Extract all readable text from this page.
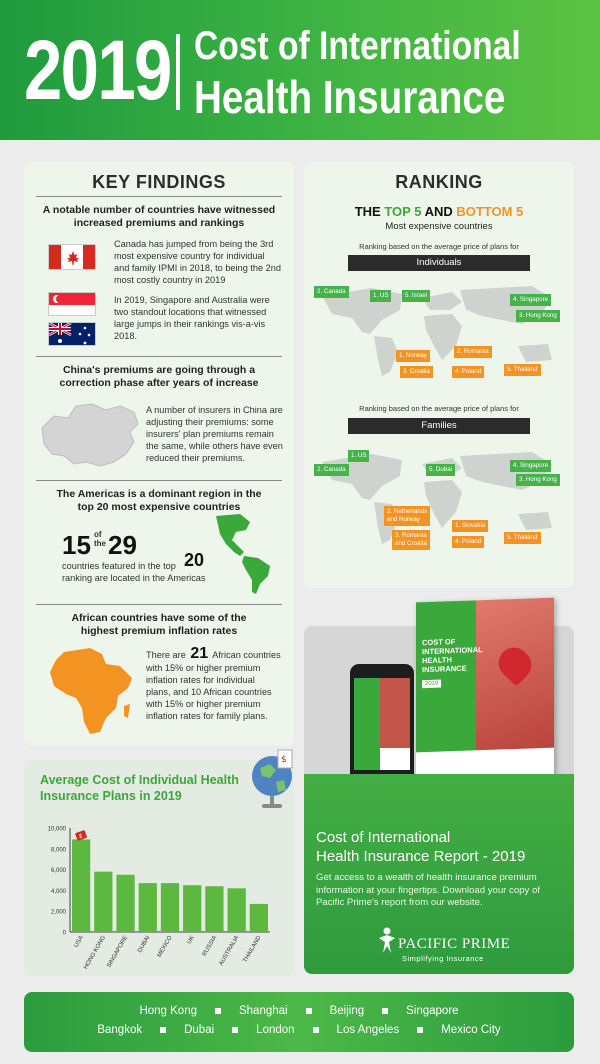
2019 Cost of International
Health Insurance
KEY FINDINGS
A notable number of countries have witnessed
increased premiums and rankings
Canada has jumped from being the 3rd
most expensive country for individual
and family IPMI in 2018, to being the 2nd
most costly country in 2019
In 2019, Singapore and Australia were
two standout locations that witnessed
large jumps in their rankings vis-a-vis
2018.
China's premiums are going through a
correction phase after years of increase
A number of insurers in China are
adjusting their premiums: some
insurers' plan premiums remain
the same, while others have even
reduced their premiums.
The Americas is a dominant region in the
top 20 most expensive countries
15 of
the 29
countries featured in the top 20
ranking are located in the Americas
African countries have some of the
highest premium inflation rates
There are 21 African countries
with 15% or higher premium
inflation rates for individual
plans, and 10 African countries
with 15% or higher premium
inflation rates for family plans.
RANKING
THE TOP 5 AND BOTTOM 5
Most expensive countries
Ranking based on the average price of plans for
Individuals
2. Canada
1. US	5. Israel
4. Singapore
3. Hong Kong
1. Norway
2. Romania
3. Croatia	4. Poland	5. Thailand
Ranking based on the average price of plans for
Families
1. US
2. Canada	5. Dubai
4. Singapore
3. Hong Kong
2. Netherlands
and Norway
1. Slovakia
3. Romania
and Croatia	4. Poland
5. Thailand
Average Cost of Individual Health Insurance Plans in 2019
$
10,000
8,000
6,000
4,000
2,000
0
USA
HONG KONG SINGAPORE DUBAI MEXICO UK RUSSIA AUSTRALIA THAILAND
$
COST OF
INTERNATIONAL
HEALTH
INSURANCE
2019
Cost of International
Health Insurance Report - 2019
Get access to a wealth of health insurance premium
information at your fingertips. Download your copy of
Pacific Prime's report from our website.
PACIFIC PRIME
Simplifying Insurance
Hong Kong	Shanghai	Beijing	Singapore
Bangkok	Dubai	London	Los Angeles	Mexico City
